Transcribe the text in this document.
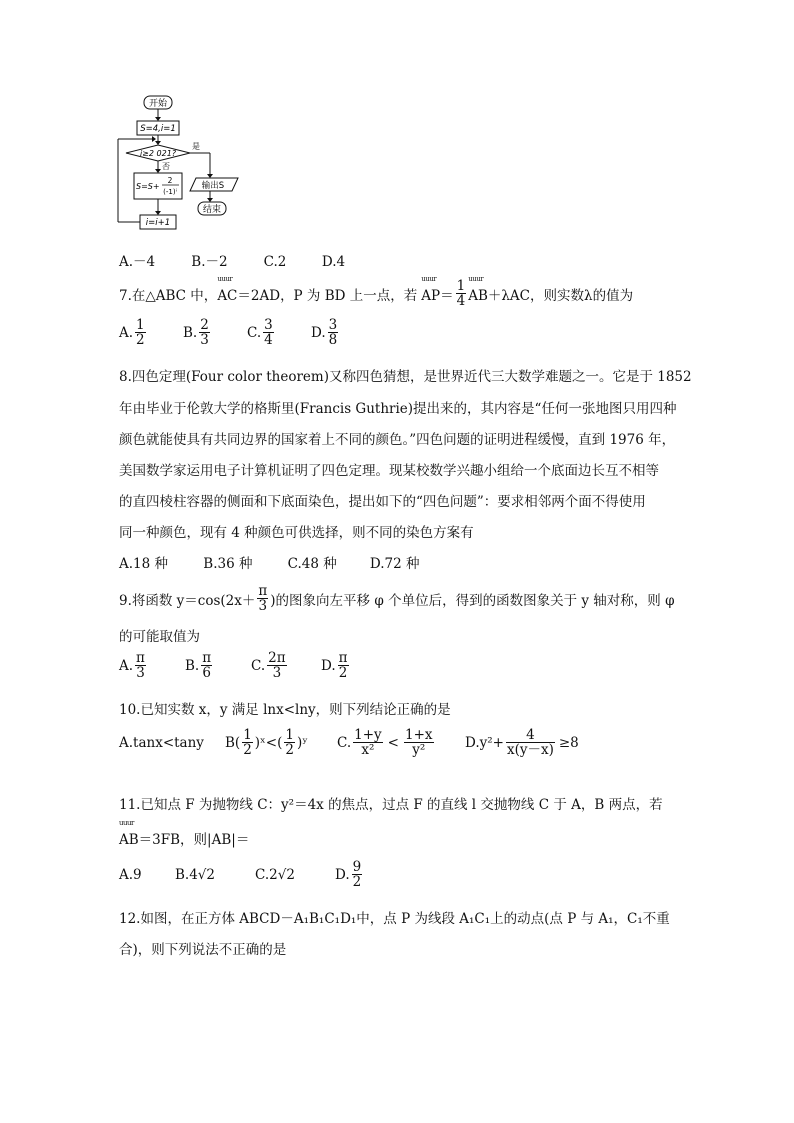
开始
S=4,i=1
i≥2 021?
是
否
S=S+
2
(-1)ⁱ
i=i+1
输出S
结束
A.－4	B.－2	C.2	D.4
7.在△ABC 中， uuur AC＝2AD ，P 为 BD 上一点，若 uuur $AP= \frac{1}{4}$ uuur AB＋λAC ，则实数λ的值为
A. $\frac{1}{2}$	B. $\frac{2}{3}$	C. $\frac{3}{4}$	D. $\frac{3}{8}$
8.四色定理(Four color theorem)又称四色猜想，是世界近代三大数学难题之一。它是于 1852
年由毕业于伦敦大学的格斯里(Francis Guthrie)提出来的，其内容是“任何一张地图只用四种
颜色就能使具有共同边界的国家着上不同的颜色。”四色问题的证明进程缓慢，直到 1976 年，
美国数学家运用电子计算机证明了四色定理。现某校数学兴趣小组给一个底面边长互不相等
的直四棱柱容器的侧面和下底面染色，提出如下的“四色问题”：要求相邻两个面不得使用
同一种颜色，现有 4 种颜色可供选择，则不同的染色方案有
A.18 种	B.36 种	C.48 种 D.72 种
9.将函数 $y=\cos(2x+ \frac{\pi}{3}$ )的图象向左平移 φ 个单位后，得到的函数图象关于 y 轴对称，则 φ
的可能取值为
A. $\frac{\pi}{3}$	B. $\frac{\pi}{6}$	C. $\frac{2\pi}{3}$	D. $\frac{\pi}{2}$
10.已知实数 x，y 满足 lnx<lny，则下列结论正确的是
A.tanx<tany	$B( \frac{1}{2}$ )ˣ<( $\frac{1}{2}$ )ʸ C. $\frac{1+y}{\text{x²}} < \frac{1+x}{\text{y²}} D.y^2+ \frac{4}{x(y-x)} \ge 8$
11.已知点 F 为抛物线 C：y²＝4x 的焦点，过点 F 的直线 l 交抛物线 C 于 A，B 两点，若
uuur AB＝3FB，则|AB|＝
A.9	B.4√2	C.2√2	D. $\frac{9}{2}$
12.如图，在正方体 ABCD－A₁B₁C₁D₁中，点 P 为线段 A₁C₁上的动点(点 P 与 A₁，C₁不重
合)，则下列说法不正确的是
